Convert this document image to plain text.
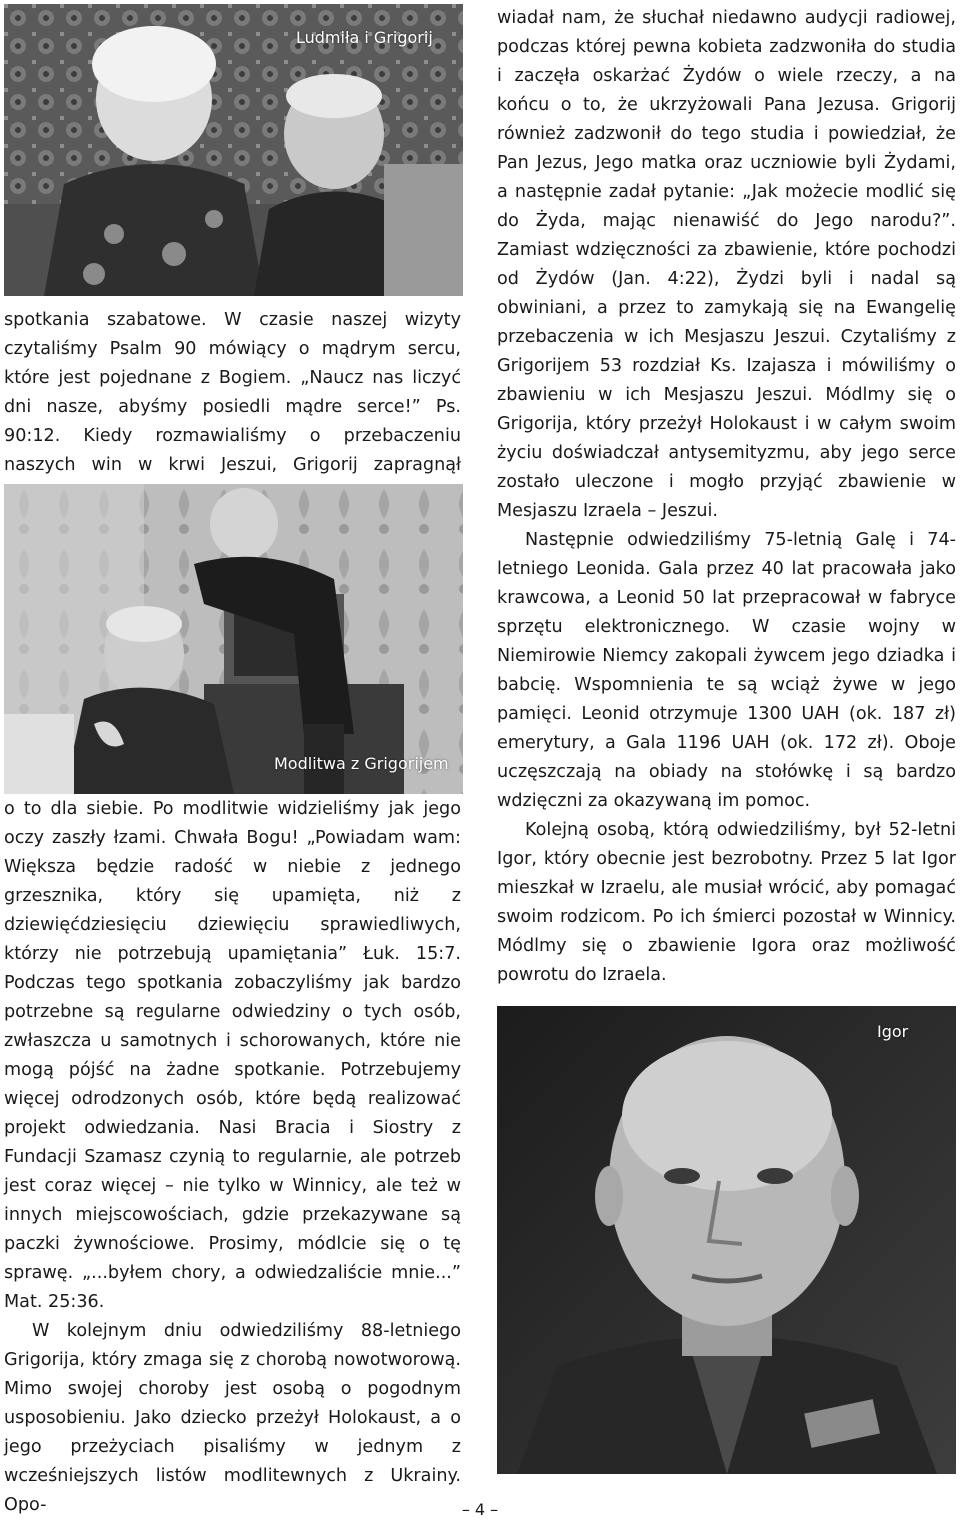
Ludmiła i Grigorij

spotkania szabatowe. W czasie naszej wizyty czytaliśmy Psalm 90 mówiący o mądrym sercu, które jest pojednane z Bogiem. „Naucz nas liczyć dni nasze, abyśmy posiedli mądre serce!” Ps. 90:12. Kiedy rozmawialiśmy o przebaczeniu naszych win w krwi Jeszui, Grigorij zapragnął

Modlitwa z Grigorijem

o to dla siebie. Po modlitwie widzieliśmy jak jego oczy zaszły łzami. Chwała Bogu! „Powiadam wam: Większa będzie radość w niebie z jednego grzesznika, który się upamięta, niż z dziewięćdziesięciu dziewięciu sprawiedliwych, którzy nie potrzebują upamiętania” Łuk. 15:7. Podczas tego spotkania zobaczyliśmy jak bardzo potrzebne są regularne odwiedziny o tych osób, zwłaszcza u samotnych i schorowanych, które nie mogą pójść na żadne spotkanie. Potrzebujemy więcej odrodzonych osób, które będą realizować projekt odwiedzania. Nasi Bracia i Siostry z Fundacji Szamasz czynią to regularnie, ale potrzeb jest coraz więcej – nie tylko w Winnicy, ale też w innych miejscowościach, gdzie przekazywane są paczki żywnościowe. Prosimy, módlcie się o tę sprawę. „...byłem chory, a odwiedzaliście mnie...” Mat. 25:36.

W kolejnym dniu odwiedziliśmy 88-letniego Grigorija, który zmaga się z chorobą nowotworową. Mimo swojej choroby jest osobą o pogodnym usposobieniu. Jako dziecko przeżył Holokaust, a o jego przeżyciach pisaliśmy w jednym z wcześniejszych listów modlitewnych z Ukrainy. Opo-

wiadał nam, że słuchał niedawno audycji radiowej, podczas której pewna kobieta zadzwoniła do studia i zaczęła oskarżać Żydów o wiele rzeczy, a na końcu o to, że ukrzyżowali Pana Jezusa. Grigorij również zadzwonił do tego studia i powiedział, że Pan Jezus, Jego matka oraz uczniowie byli Żydami, a następnie zadał pytanie: „Jak możecie modlić się do Żyda, mając nienawiść do Jego narodu?”. Zamiast wdzięczności za zbawienie, które pochodzi od Żydów (Jan. 4:22), Żydzi byli i nadal są obwiniani, a przez to zamykają się na Ewangelię przebaczenia w ich Mesjaszu Jeszui. Czytaliśmy z Grigorijem 53 rozdział Ks. Izajasza i mówiliśmy o zbawieniu w ich Mesjaszu Jeszui. Módlmy się o Grigorija, który przeżył Holokaust i w całym swoim życiu doświadczał antysemityzmu, aby jego serce zostało uleczone i mogło przyjąć zbawienie w Mesjaszu Izraela – Jeszui.

Następnie odwiedziliśmy 75-letnią Galę i 74-letniego Leonida. Gala przez 40 lat pracowała jako krawcowa, a Leonid 50 lat przepracował w fabryce sprzętu elektronicznego. W czasie wojny w Niemirowie Niemcy zakopali żywcem jego dziadka i babcię. Wspomnienia te są wciąż żywe w jego pamięci. Leonid otrzymuje 1300 UAH (ok. 187 zł) emerytury, a Gala 1196 UAH (ok. 172 zł). Oboje uczęszczają na obiady na stołówkę i są bardzo wdzięczni za okazywaną im pomoc.

Kolejną osobą, którą odwiedziliśmy, był 52-letni Igor, który obecnie jest bezrobotny. Przez 5 lat Igor mieszkał w Izraelu, ale musiał wrócić, aby pomagać swoim rodzicom. Po ich śmierci pozostał w Winnicy. Módlmy się o zbawienie Igora oraz możliwość powrotu do Izraela.

Igor
– 4 –
